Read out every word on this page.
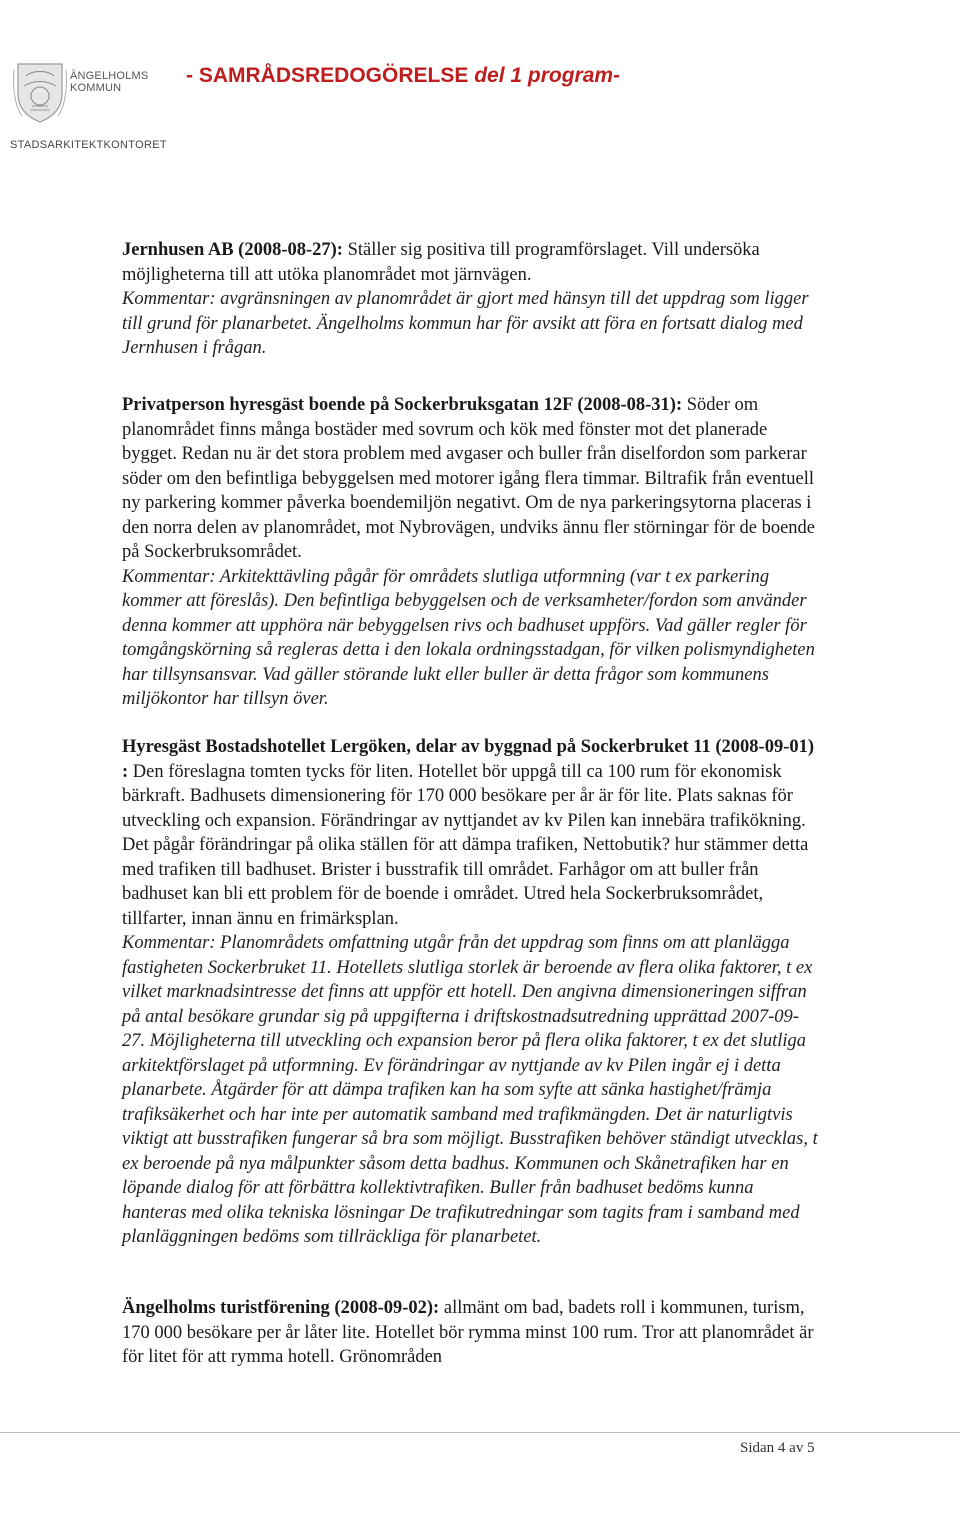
ÄNGELHOLMS
KOMMUN
STADSARKITEKTKONTORET
- SAMRÅDSREDOGÖRELSE del 1 program-

Jernhusen AB (2008-08-27): Ställer sig positiva till programförslaget. Vill undersöka möjligheterna till att utöka planområdet mot järnvägen.

Kommentar: avgränsningen av planområdet är gjort med hänsyn till det uppdrag som ligger till grund för planarbetet. Ängelholms kommun har för avsikt att föra en fortsatt dialog med Jernhusen i frågan.

Privatperson hyresgäst boende på Sockerbruksgatan 12F (2008-08-31): Söder om planområdet finns många bostäder med sovrum och kök med fönster mot det planerade bygget. Redan nu är det stora problem med avgaser och buller från diselfordon som parkerar söder om den befintliga bebyggelsen med motorer igång flera timmar. Biltrafik från eventuell ny parkering kommer påverka boendemiljön negativt. Om de nya parkeringsytorna placeras i den norra delen av planområdet, mot Nybrovägen, undviks ännu fler störningar för de boende på Sockerbruksområdet.

Kommentar: Arkitekttävling pågår för områdets slutliga utformning (var t ex parkering kommer att föreslås). Den befintliga bebyggelsen och de verksamheter/fordon som använder denna kommer att upphöra när bebyggelsen rivs och badhuset uppförs. Vad gäller regler för tomgångskörning så regleras detta i den lokala ordningsstadgan, för vilken polismyndigheten har tillsynsansvar. Vad gäller störande lukt eller buller är detta frågor som kommunens miljökontor har tillsyn över.

Hyresgäst Bostadshotellet Lergöken, delar av byggnad på Sockerbruket 11 (2008-09-01) : Den föreslagna tomten tycks för liten. Hotellet bör uppgå till ca 100 rum för ekonomisk bärkraft. Badhusets dimensionering för 170 000 besökare per år är för lite. Plats saknas för utveckling och expansion. Förändringar av nyttjandet av kv Pilen kan innebära trafikökning. Det pågår förändringar på olika ställen för att dämpa trafiken, Nettobutik? hur stämmer detta med trafiken till badhuset. Brister i busstrafik till området. Farhågor om att buller från badhuset kan bli ett problem för de boende i området. Utred hela Sockerbruksområdet, tillfarter, innan ännu en frimärksplan.

Kommentar: Planområdets omfattning utgår från det uppdrag som finns om att planlägga fastigheten Sockerbruket 11. Hotellets slutliga storlek är beroende av flera olika faktorer, t ex vilket marknadsintresse det finns att uppför ett hotell. Den angivna dimensioneringen siffran på antal besökare grundar sig på uppgifterna i driftskostnadsutredning upprättad 2007-09-27. Möjligheterna till utveckling och expansion beror på flera olika faktorer, t ex det slutliga arkitektförslaget på utformning. Ev förändringar av nyttjande av kv Pilen ingår ej i detta planarbete. Åtgärder för att dämpa trafiken kan ha som syfte att sänka hastighet/främja trafiksäkerhet och har inte per automatik samband med trafikmängden. Det är naturligtvis viktigt att busstrafiken fungerar så bra som möjligt. Busstrafiken behöver ständigt utvecklas, t ex beroende på nya målpunkter såsom detta badhus. Kommunen och Skånetrafiken har en löpande dialog för att förbättra kollektivtrafiken. Buller från badhuset bedöms kunna hanteras med olika tekniska lösningar De trafikutredningar som tagits fram i samband med planläggningen bedöms som tillräckliga för planarbetet.

Ängelholms turistförening (2008-09-02): allmänt om bad, badets roll i kommunen, turism, 170 000 besökare per år låter lite. Hotellet bör rymma minst 100 rum. Tror att planområdet är för litet för att rymma hotell. Grönområden

Sidan 4 av 5
